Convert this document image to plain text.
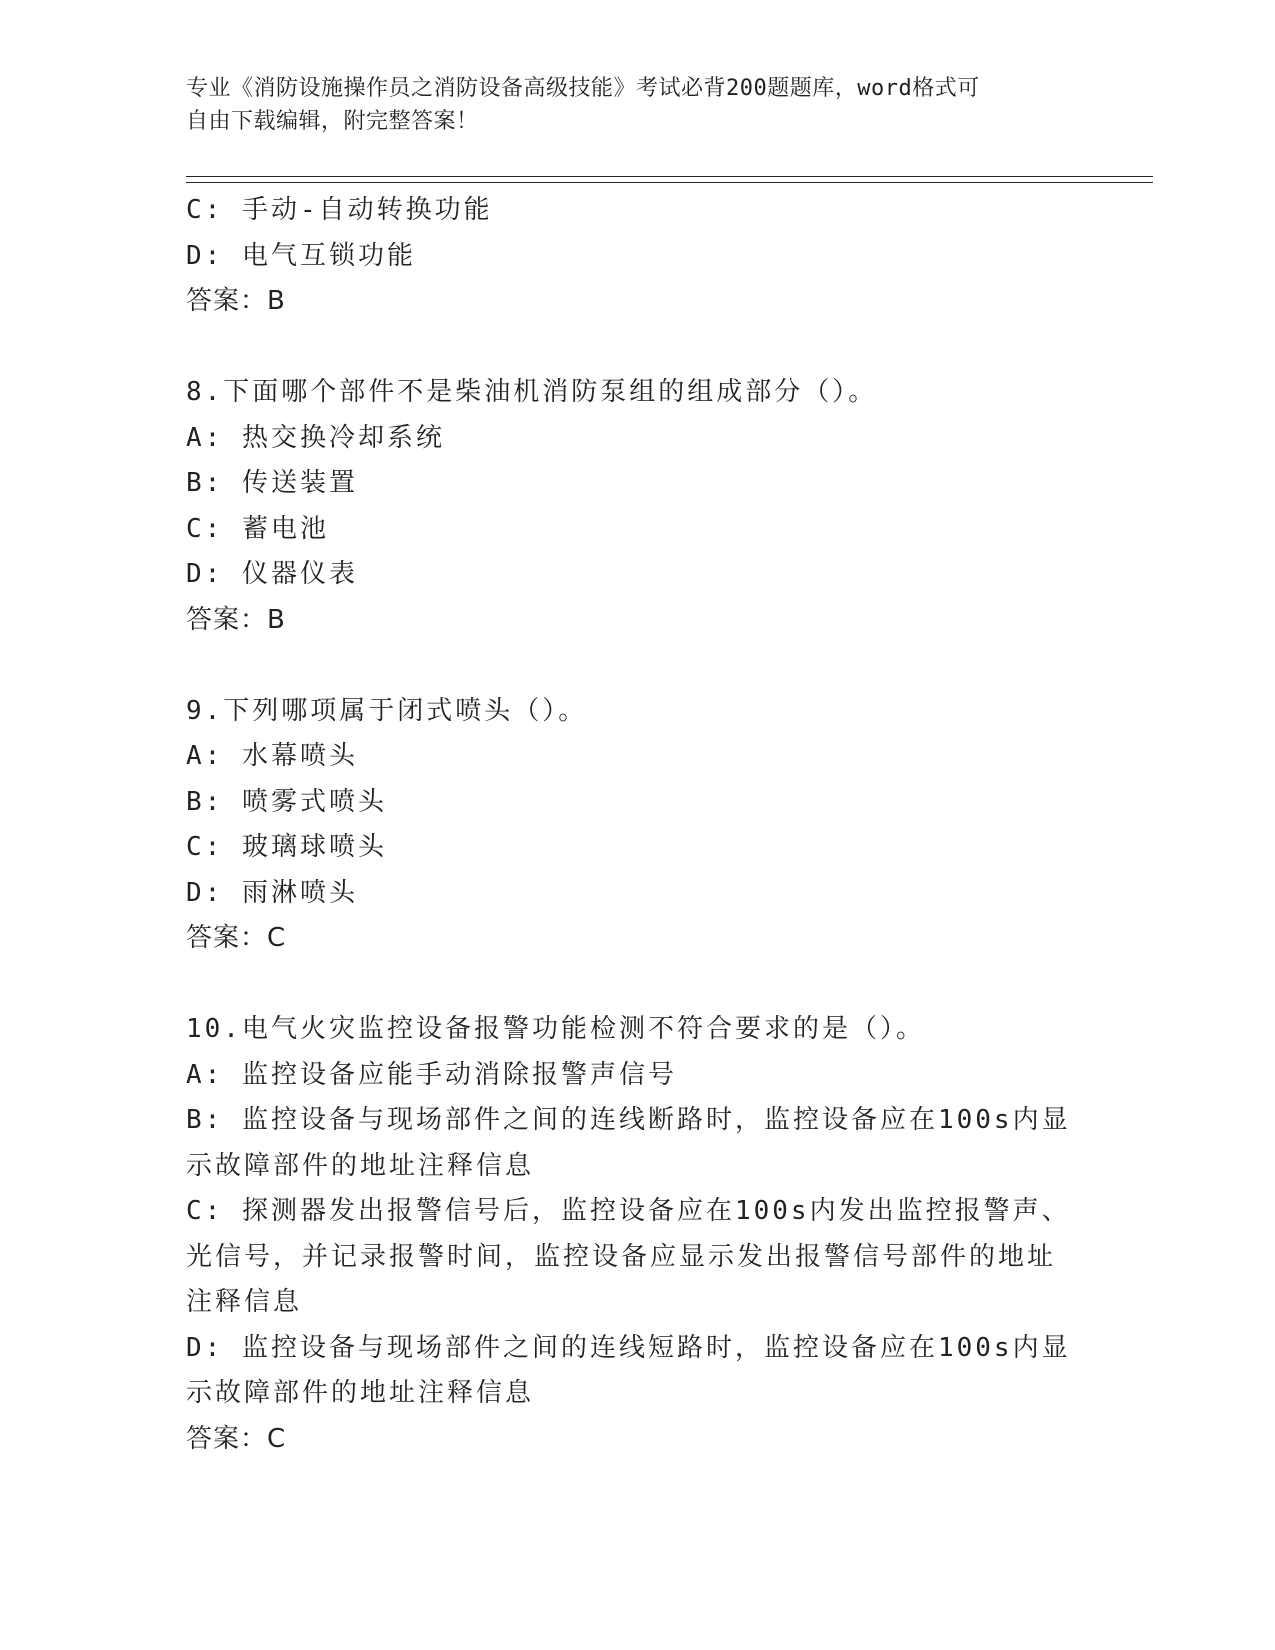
专业《消防设施操作员之消防设备高级技能》考试必背200题题库，word格式可
自由下载编辑，附完整答案！
C: 手动-自动转换功能
D: 电气互锁功能
答案：B
8.下面哪个部件不是柴油机消防泵组的组成部分（）。
A: 热交换冷却系统
B: 传送装置
C: 蓄电池
D: 仪器仪表
答案：B
9.下列哪项属于闭式喷头（）。
A: 水幕喷头
B: 喷雾式喷头
C: 玻璃球喷头
D: 雨淋喷头
答案：C
10.电气火灾监控设备报警功能检测不符合要求的是（）。
A: 监控设备应能手动消除报警声信号
B: 监控设备与现场部件之间的连线断路时，监控设备应在100s内显
示故障部件的地址注释信息
C: 探测器发出报警信号后，监控设备应在100s内发出监控报警声、
光信号，并记录报警时间，监控设备应显示发出报警信号部件的地址
注释信息
D: 监控设备与现场部件之间的连线短路时，监控设备应在100s内显
示故障部件的地址注释信息
答案：C
